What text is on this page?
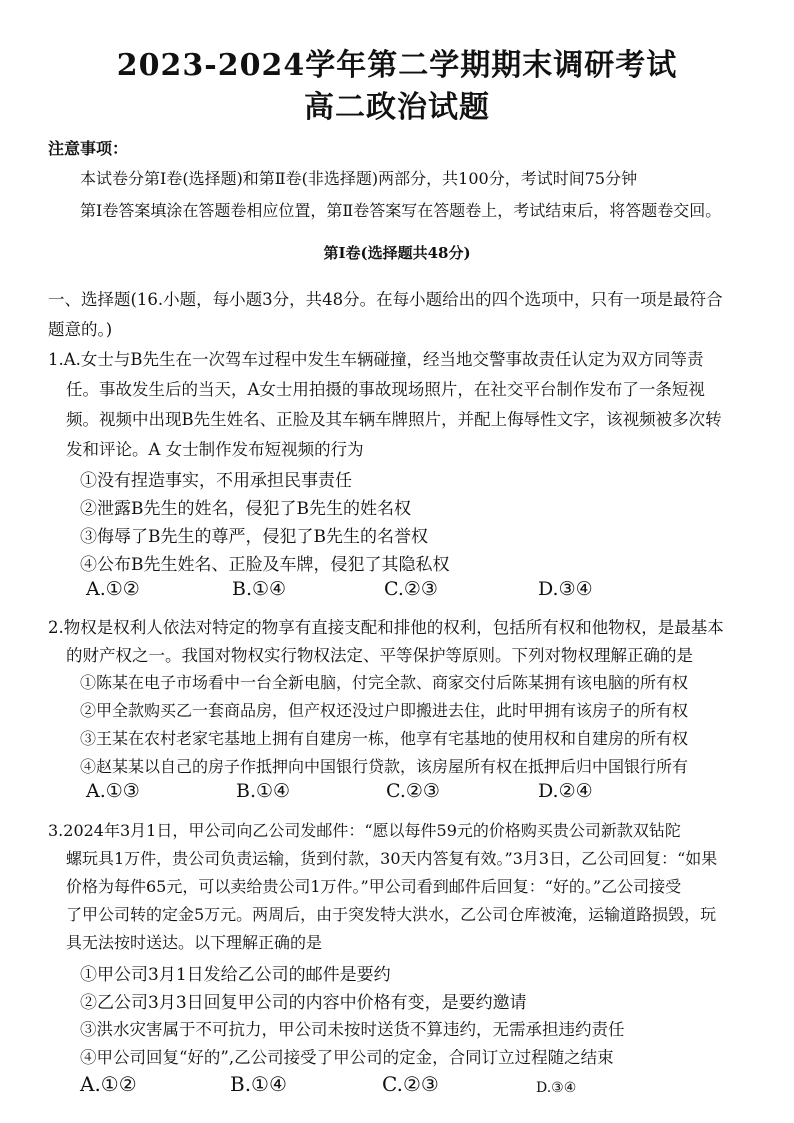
2023-2024学年第二学期期末调研考试
高二政治试题
注意事项：
本试卷分第Ⅰ卷(选择题)和第Ⅱ卷(非选择题)两部分，共100分，考试时间75分钟
第Ⅰ卷答案填涂在答题卷相应位置，第Ⅱ卷答案写在答题卷上，考试结束后，将答题卷交回。
第Ⅰ卷(选择题共48分)
一、选择题(16.小题，每小题3分，共48分。在每小题给出的四个选项中，只有一项是最符合
题意的。)
1.A.女士与B先生在一次驾车过程中发生车辆碰撞，经当地交警事故责任认定为双方同等责
任。事故发生后的当天，A女士用拍摄的事故现场照片，在社交平台制作发布了一条短视
频。视频中出现B先生姓名、正脸及其车辆车牌照片，并配上侮辱性文字，该视频被多次转
发和评论。A 女士制作发布短视频的行为
①没有捏造事实，不用承担民事责任
②泄露B先生的姓名，侵犯了B先生的姓名权
③侮辱了B先生的尊严，侵犯了B先生的名誉权
④公布B先生姓名、正脸及车牌，侵犯了其隐私权
A.①②	B.①④	C.②③	D.③④
2.物权是权利人依法对特定的物享有直接支配和排他的权利，包括所有权和他物权，是最基本
的财产权之一。我国对物权实行物权法定、平等保护等原则。下列对物权理解正确的是
①陈某在电子市场看中一台全新电脑，付完全款、商家交付后陈某拥有该电脑的所有权
②甲全款购买乙一套商品房，但产权还没过户即搬进去住，此时甲拥有该房子的所有权
③王某在农村老家宅基地上拥有自建房一栋，他享有宅基地的使用权和自建房的所有权
④赵某某以自己的房子作抵押向中国银行贷款，该房屋所有权在抵押后归中国银行所有
A.①③	B.①④	C.②③	D.②④
3.2024年3月1日，甲公司向乙公司发邮件：“愿以每件59元的价格购买贵公司新款双钻陀
螺玩具1万件，贵公司负责运输，货到付款，30天内答复有效。”3月3日，乙公司回复：“如果
价格为每件65元，可以卖给贵公司1万件。”甲公司看到邮件后回复：“好的。”乙公司接受
了甲公司转的定金5万元。两周后，由于突发特大洪水，乙公司仓库被淹，运输道路损毁，玩
具无法按时送达。以下理解正确的是
①甲公司3月1日发给乙公司的邮件是要约
②乙公司3月3日回复甲公司的内容中价格有变，是要约邀请
③洪水灾害属于不可抗力，甲公司未按时送货不算违约，无需承担违约责任
④甲公司回复“好的”,乙公司接受了甲公司的定金，合同订立过程随之结束
A.①②	B.①④	C.②③	D.③④
